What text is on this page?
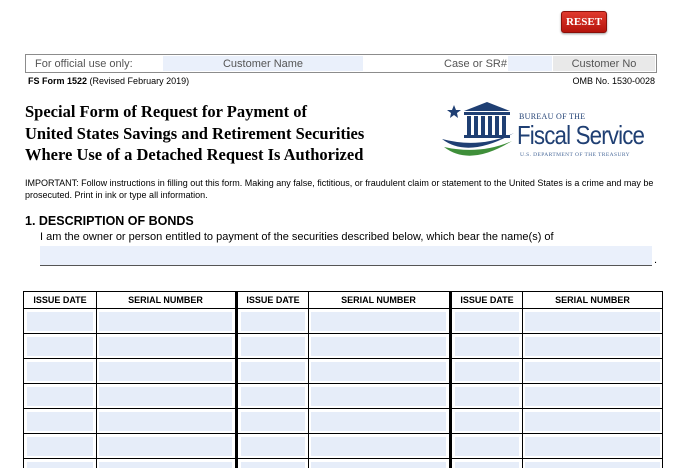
RESET
For official use only:	Customer Name	Case or SR#	Customer No
FS Form 1522 (Revised February 2019)	OMB No. 1530-0028
Special Form of Request for Payment of
United States Savings and Retirement Securities
Where Use of a Detached Request Is Authorized
BUREAU OF THE
Fiscal Service
U.S. DEPARTMENT OF THE TREASURY
IMPORTANT: Follow instructions in filling out this form. Making any false, fictitious, or fraudulent claim or statement to the United States is a crime and may be prosecuted. Print in ink or type all information.
1. DESCRIPTION OF BONDS
I am the owner or person entitled to payment of the securities described below, which bear the name(s) of
.
ISSUE DATE	SERIAL NUMBER	ISSUE DATE	SERIAL NUMBER	ISSUE DATE	SERIAL NUMBER
